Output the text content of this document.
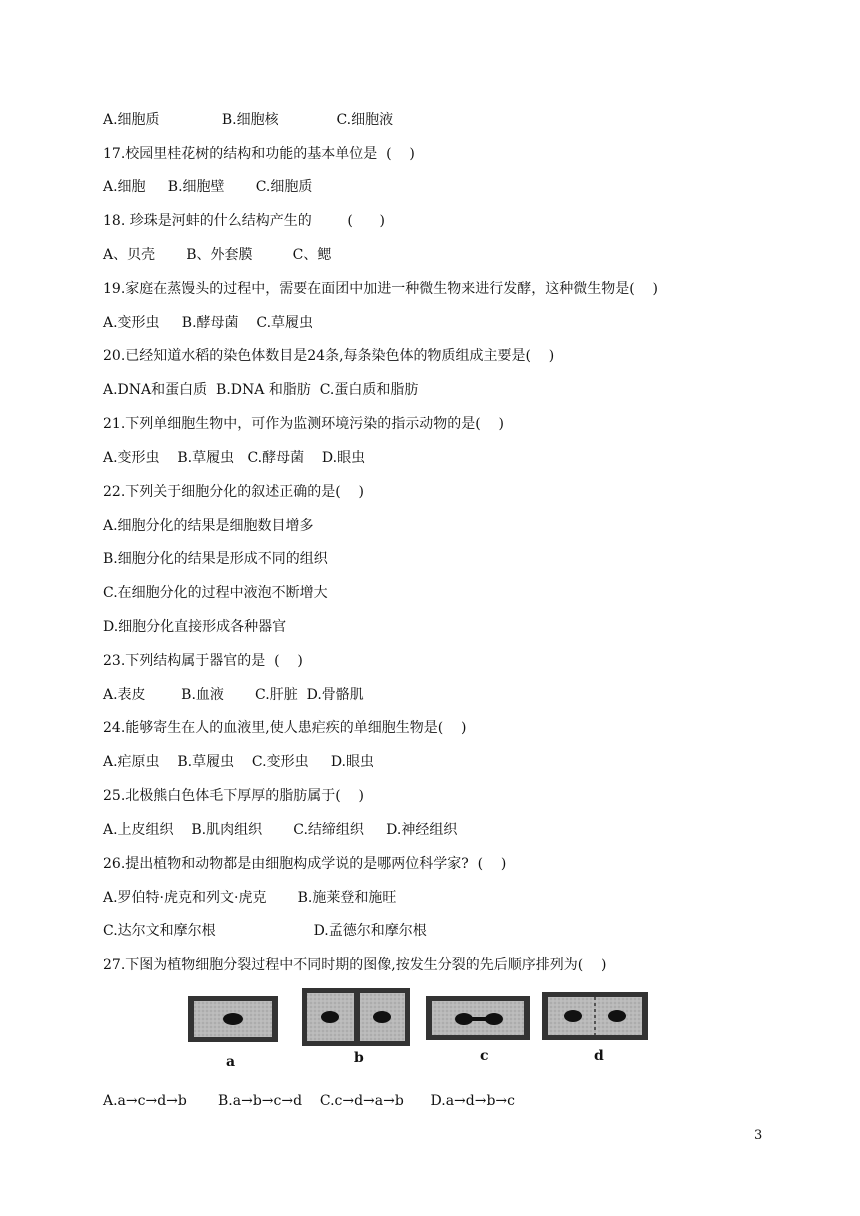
A.细胞质              B.细胞核             C.细胞液
17.校园里桂花树的结构和功能的基本单位是  (    )
A.细胞     B.细胞壁       C.细胞质
18. 珍珠是河蚌的什么结构产生的        (      )
A、贝壳       B、外套膜         C、鳃
19.家庭在蒸馒头的过程中，需要在面团中加进一种微生物来进行发酵，这种微生物是(    )
A.变形虫     B.酵母菌    C.草履虫
20.已经知道水稻的染色体数目是24条,每条染色体的物质组成主要是(    )
A.DNA和蛋白质  B.DNA 和脂肪  C.蛋白质和脂肪
21.下列单细胞生物中，可作为监测环境污染的指示动物的是(    )
A.变形虫    B.草履虫   C.酵母菌    D.眼虫
22.下列关于细胞分化的叙述正确的是(    )
A.细胞分化的结果是细胞数目增多
B.细胞分化的结果是形成不同的组织
C.在细胞分化的过程中液泡不断增大
D.细胞分化直接形成各种器官
23.下列结构属于器官的是  (    )
A.表皮        B.血液       C.肝脏  D.骨骼肌
24.能够寄生在人的血液里,使人患疟疾的单细胞生物是(    )
A.疟原虫    B.草履虫    C.变形虫     D.眼虫
25.北极熊白色体毛下厚厚的脂肪属于(    )
A.上皮组织    B.肌肉组织       C.结缔组织     D.神经组织
26.提出植物和动物都是由细胞构成学说的是哪两位科学家?  (    )
A.罗伯特·虎克和列文·虎克       B.施莱登和施旺
C.达尔文和摩尔根                      D.孟德尔和摩尔根
27.下图为植物细胞分裂过程中不同时期的图像,按发生分裂的先后顺序排列为(    )
A.a→c→d→b       B.a→b→c→d    C.c→d→a→b      D.a→d→b→c
a	b	c	d
3
